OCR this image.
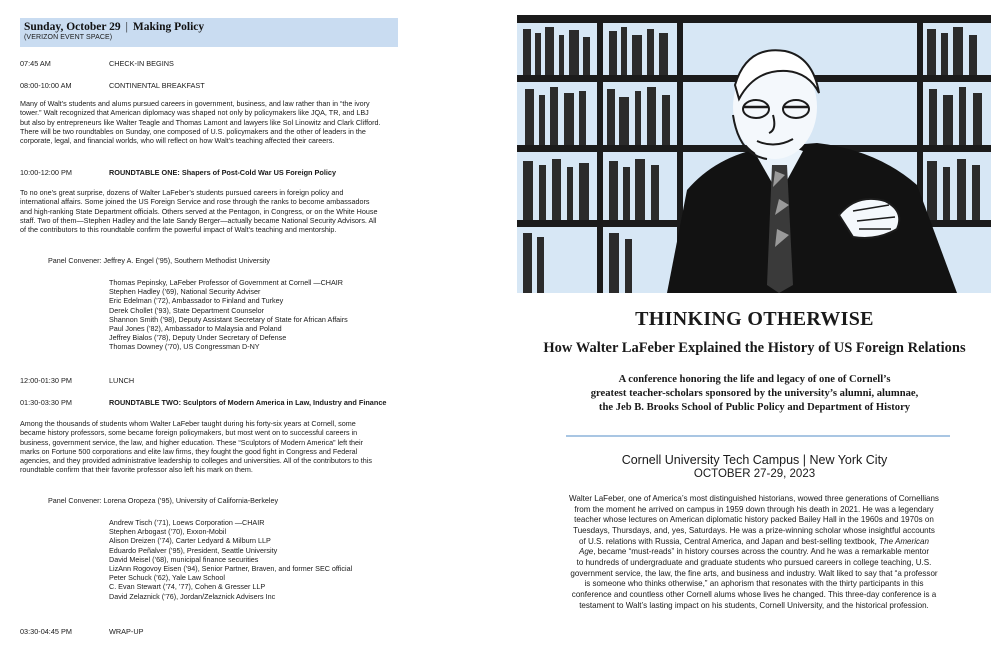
Sunday, October 29 | Making Policy
(VERIZON EVENT SPACE)
07:45 AM	CHECK-IN BEGINS
08:00-10:00 AM	CONTINENTAL BREAKFAST
Many of Walt’s students and alums pursued careers in government, business, and law rather than in “the ivory
tower.” Walt recognized that American diplomacy was shaped not only by policymakers like JQA, TR, and LBJ
but also by entrepreneurs like Walter Teagle and Thomas Lamont and lawyers like Sol Linowitz and Clark Clifford.
There will be two roundtables on Sunday, one composed of U.S. policymakers and the other of leaders in the
corporate, legal, and financial worlds, who will reflect on how Walt’s teaching affected their careers.
10:00-12:00 PM	ROUNDTABLE ONE: Shapers of Post-Cold War US Foreign Policy
To no one’s great surprise, dozens of Walter LaFeber’s students pursued careers in foreign policy and
international affairs. Some joined the US Foreign Service and rose through the ranks to become ambassadors
and high-ranking State Department officials. Others served at the Pentagon, in Congress, or on the White House
staff. Two of them—Stephen Hadley and the late Sandy Berger—actually became National Security Advisors. All
of the contributors to this roundtable confirm the powerful impact of Walt’s teaching and mentorship.
Panel Convener: Jeffrey A. Engel (’95), Southern Methodist University
Thomas Pepinsky, LaFeber Professor of Government at Cornell —CHAIR
Stephen Hadley (’69), National Security Adviser
Eric Edelman (’72), Ambassador to Finland and Turkey
Derek Chollet (’93), State Department Counselor
Shannon Smith (’98), Deputy Assistant Secretary of State for African Affairs
Paul Jones (’82), Ambassador to Malaysia and Poland
Jeffrey Bialos (’78), Deputy Under Secretary of Defense
Thomas Downey (’70), US Congressman D-NY
12:00-01:30 PM	LUNCH
01:30-03:30 PM	ROUNDTABLE TWO: Sculptors of Modern America in Law, Industry and Finance
Among the thousands of students whom Walter LaFeber taught during his forty-six years at Cornell, some
became history professors, some became foreign policymakers, but most went on to successful careers in
business, government service, the law, and higher education. These “Sculptors of Modern America” left their
marks on Fortune 500 corporations and elite law firms, they fought the good fight in Congress and Federal
agencies, and they provided administrative leadership to colleges and universities. All of the contributors to this
roundtable confirm that their favorite professor also left his mark on them.
Panel Convener: Lorena Oropeza (’95), University of California-Berkeley
Andrew Tisch (’71), Loews Corporation —CHAIR
Stephen Arbogast (’70), Exxon-Mobil
Alison Dreizen (’74), Carter Ledyard & Milburn LLP
Eduardo Peñalver (’95), President, Seattle University
David Meisel (’68), municipal finance securities
LizAnn Rogovoy Eisen (’94), Senior Partner, Braven, and former SEC official
Peter Schuck (’62), Yale Law School
C. Evan Stewart (’74, ’77), Cohen & Gresser LLP
David Zelaznick (’76), Jordan/Zelaznick Advisers Inc
03:30-04:45 PM	WRAP-UP
THINKING OTHERWISE
How Walter LaFeber Explained the History of US Foreign Relations
A conference honoring the life and legacy of one of Cornell’s
greatest teacher-scholars sponsored by the university’s alumni, alumnae,
the Jeb B. Brooks School of Public Policy and Department of History
Cornell University Tech Campus | New York City
OCTOBER 27-29, 2023
Walter LaFeber, one of America’s most distinguished historians, wowed three generations of Cornellians
from the moment he arrived on campus in 1959 down through his death in 2021. He was a legendary
teacher whose lectures on American diplomatic history packed Bailey Hall in the 1960s and 1970s on
Tuesdays, Thursdays, and, yes, Saturdays. He was a prize-winning scholar whose insightful accounts
of U.S. relations with Russia, Central America, and Japan and best-selling textbook, The American
Age, became “must-reads” in history courses across the country. And he was a remarkable mentor
to hundreds of undergraduate and graduate students who pursued careers in college teaching, U.S.
government service, the law, the fine arts, and business and industry. Walt liked to say that “a professor
is someone who thinks otherwise,” an aphorism that resonates with the thirty participants in this
conference and countless other Cornell alums whose lives he changed. This three-day conference is a
testament to Walt’s lasting impact on his students, Cornell University, and the historical profession.
